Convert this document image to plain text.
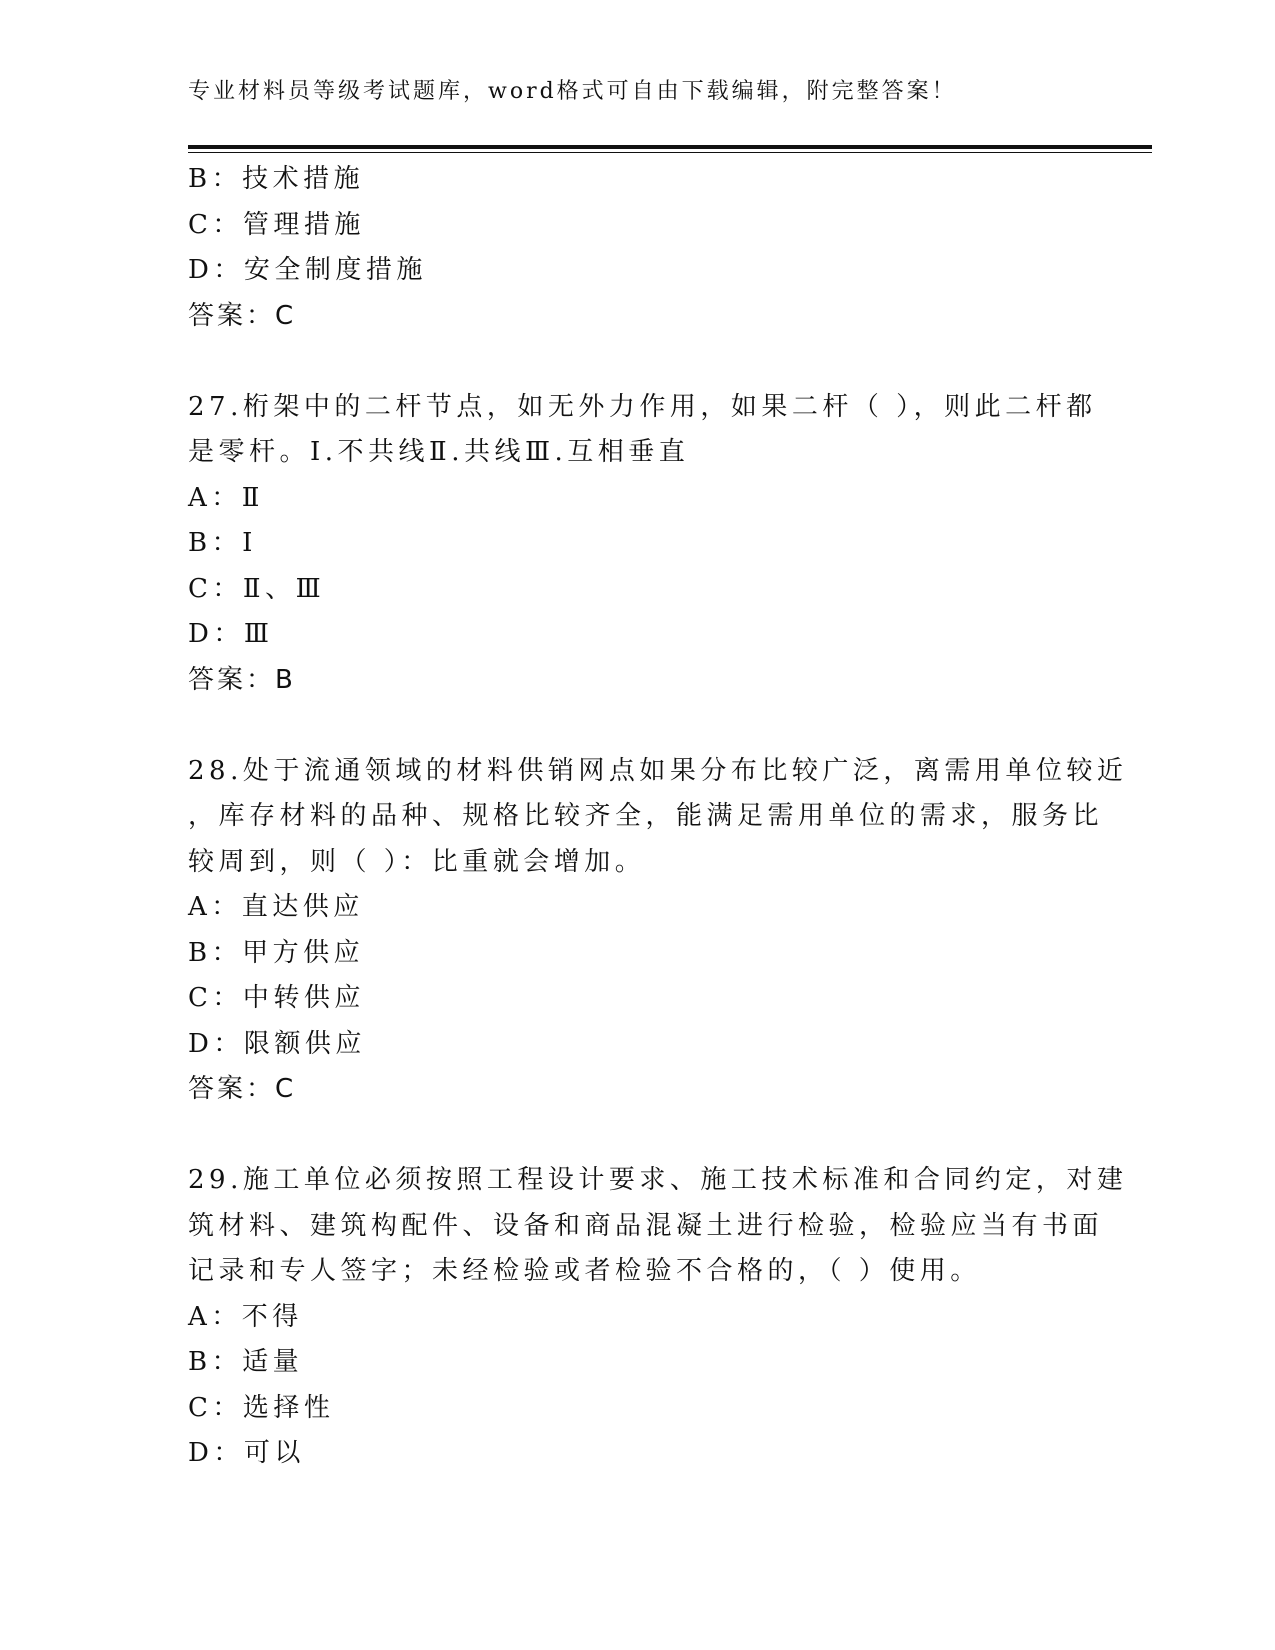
专业材料员等级考试题库，word格式可自由下载编辑，附完整答案！
B：技术措施
C：管理措施
D：安全制度措施
答案：C
27.桁架中的二杆节点，如无外力作用，如果二杆（ ），则此二杆都
是零杆。I.不共线Ⅱ.共线Ⅲ.互相垂直
A：Ⅱ
B：I
C：Ⅱ、Ⅲ
D：Ⅲ
答案：B
28.处于流通领域的材料供销网点如果分布比较广泛，离需用单位较近
，库存材料的品种、规格比较齐全，能满足需用单位的需求，服务比
较周到，则（ ）：比重就会增加。
A：直达供应
B：甲方供应
C：中转供应
D：限额供应
答案：C
29.施工单位必须按照工程设计要求、施工技术标准和合同约定，对建
筑材料、建筑构配件、设备和商品混凝土进行检验，检验应当有书面
记录和专人签字；未经检验或者检验不合格的，（ ）使用。
A：不得
B：适量
C：选择性
D：可以
